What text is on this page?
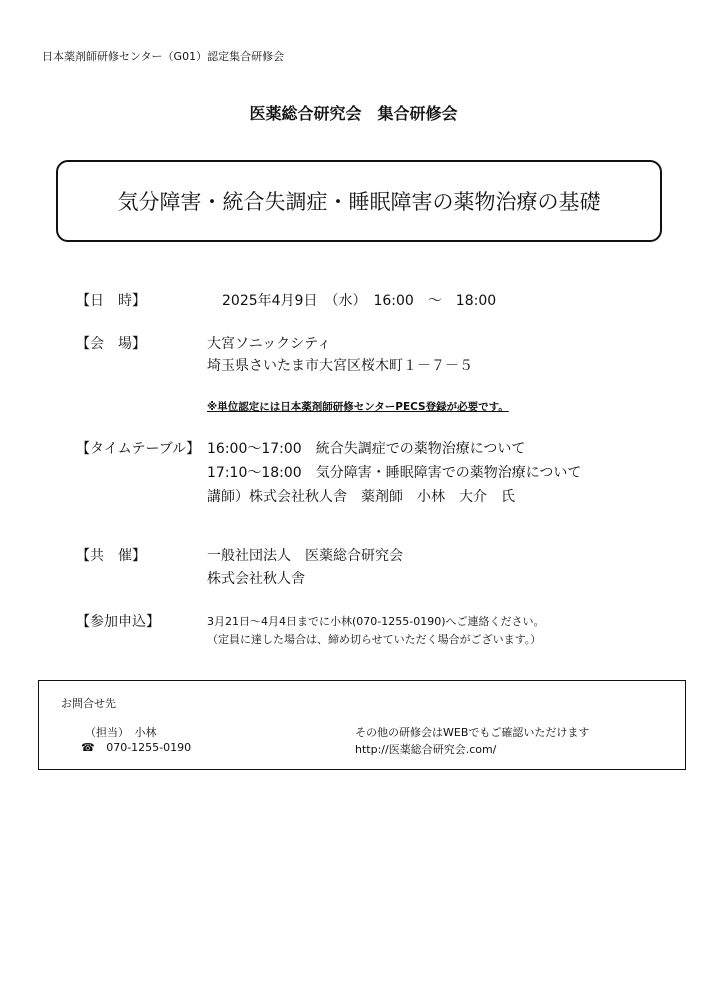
日本薬剤師研修センター（G01）認定集合研修会
医薬総合研究会　集合研修会
気分障害・統合失調症・睡眠障害の薬物治療の基礎
【日　時】	2025年4月9日　（水）　16:00　～　18:00
【会　場】	大宮ソニックシティ
埼玉県さいたま市大宮区桜木町１－７－５
※単位認定には日本薬剤師研修センターPECS登録が必要です。
【タイムテーブル】 16:00～17:00　統合失調症での薬物治療について
17:10～18:00　気分障害・睡眠障害での薬物治療について
講師）株式会社秋人舎　薬剤師　小林　大介　氏
【共　催】	一般社団法人　医薬総合研究会
株式会社秋人舎
【参加申込】	3月21日～4月4日までに小林(070-1255-0190)へご連絡ください。
（定員に達した場合は、締め切らせていただく場合がございます。）
お問合せ先
（担当）　小林
☎ 070-1255-0190
その他の研修会はWEBでもご確認いただけます
http://医薬総合研究会.com/
